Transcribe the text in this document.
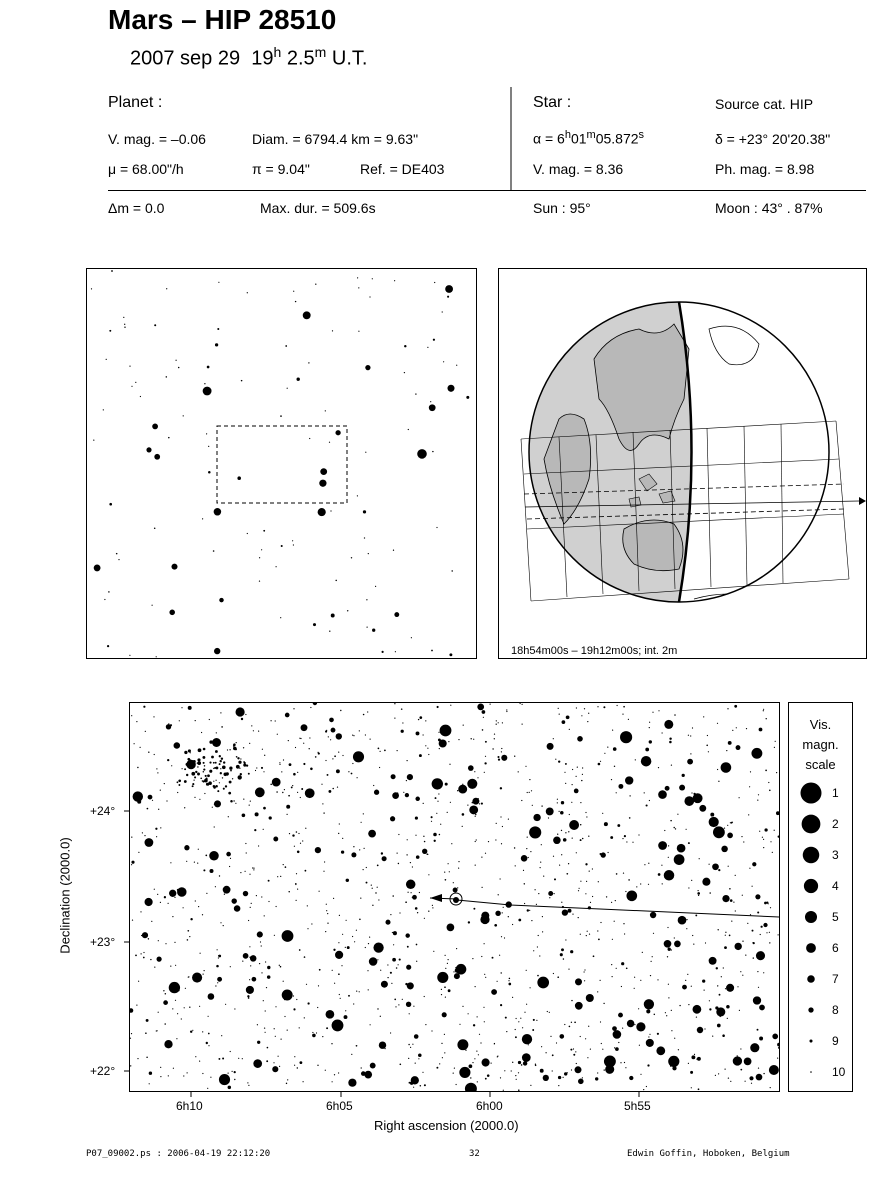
Mars – HIP 28510
2007 sep 29 19$^h$ 2.5$^m$ U.T.
Planet :
V. mag. = –0.06	Diam. = 6794.4 km = 9.63"
μ = 68.00"/h	π = 9.04"	Ref. = DE403
Δm = 0.0	Max. dur. = 509.6s
Star :	Source cat. HIP
$\alpha = 6^h01^m05.872^s$	δ = +23° 20'20.38"
V. mag. = 8.36	Ph. mag. = 8.98
Sun : 95°	Moon : 43° . 87%
18h54m00s – 19h12m00s; int. 2m
6h10	6h05	6h00	5h55
Right ascension (2000.0)
+24°
+23°
+22°
Declination (2000.0)
Vis.
magn.
scale
1
2
3
4
5
6
7
8
9
10
P07_09002.ps : 2006-04-19 22:12:20	32	Edwin Goffin, Hoboken, Belgium
